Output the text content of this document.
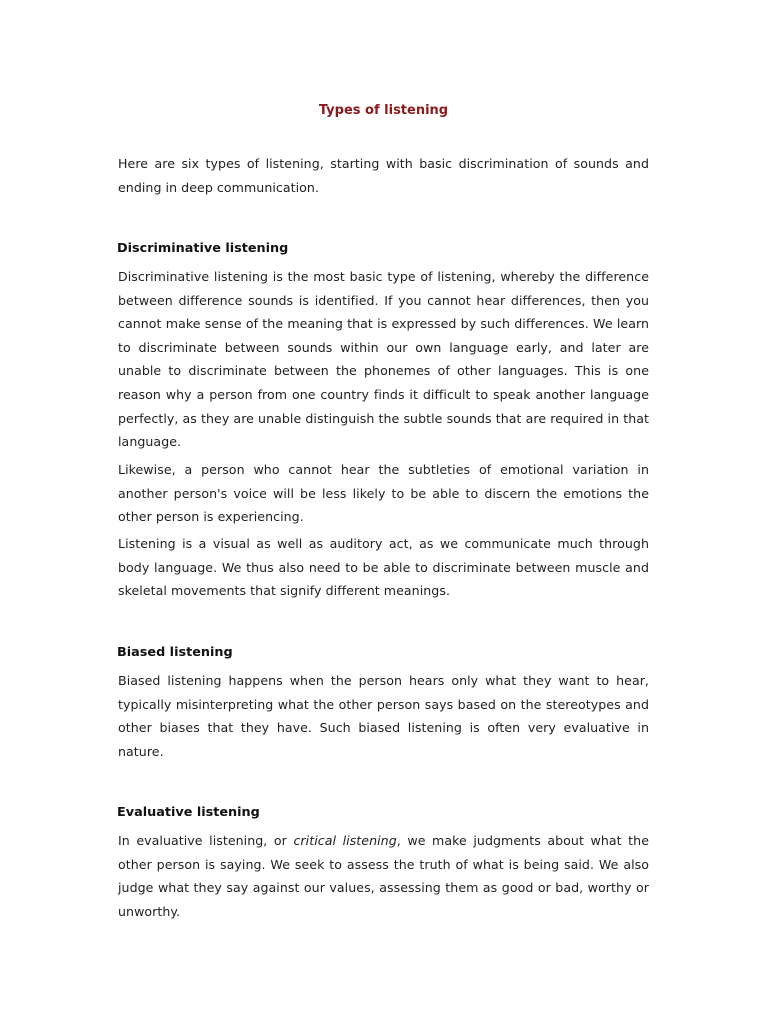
Types of listening

Here are six types of listening, starting with basic discrimination of sounds and ending in deep communication.

Discriminative listening

Discriminative listening is the most basic type of listening, whereby the difference between difference sounds is identified. If you cannot hear differences, then you cannot make sense of the meaning that is expressed by such differences. We learn to discriminate between sounds within our own language early, and later are unable to discriminate between the phonemes of other languages. This is one reason why a person from one country finds it difficult to speak another language perfectly, as they are unable distinguish the subtle sounds that are required in that language.

Likewise, a person who cannot hear the subtleties of emotional variation in another person's voice will be less likely to be able to discern the emotions the other person is experiencing.

Listening is a visual as well as auditory act, as we communicate much through body language. We thus also need to be able to discriminate between muscle and skeletal movements that signify different meanings.

Biased listening

Biased listening happens when the person hears only what they want to hear, typically misinterpreting what the other person says based on the stereotypes and other biases that they have. Such biased listening is often very evaluative in nature.

Evaluative listening

In evaluative listening, or critical listening, we make judgments about what the other person is saying. We seek to assess the truth of what is being said. We also judge what they say against our values, assessing them as good or bad, worthy or unworthy.
